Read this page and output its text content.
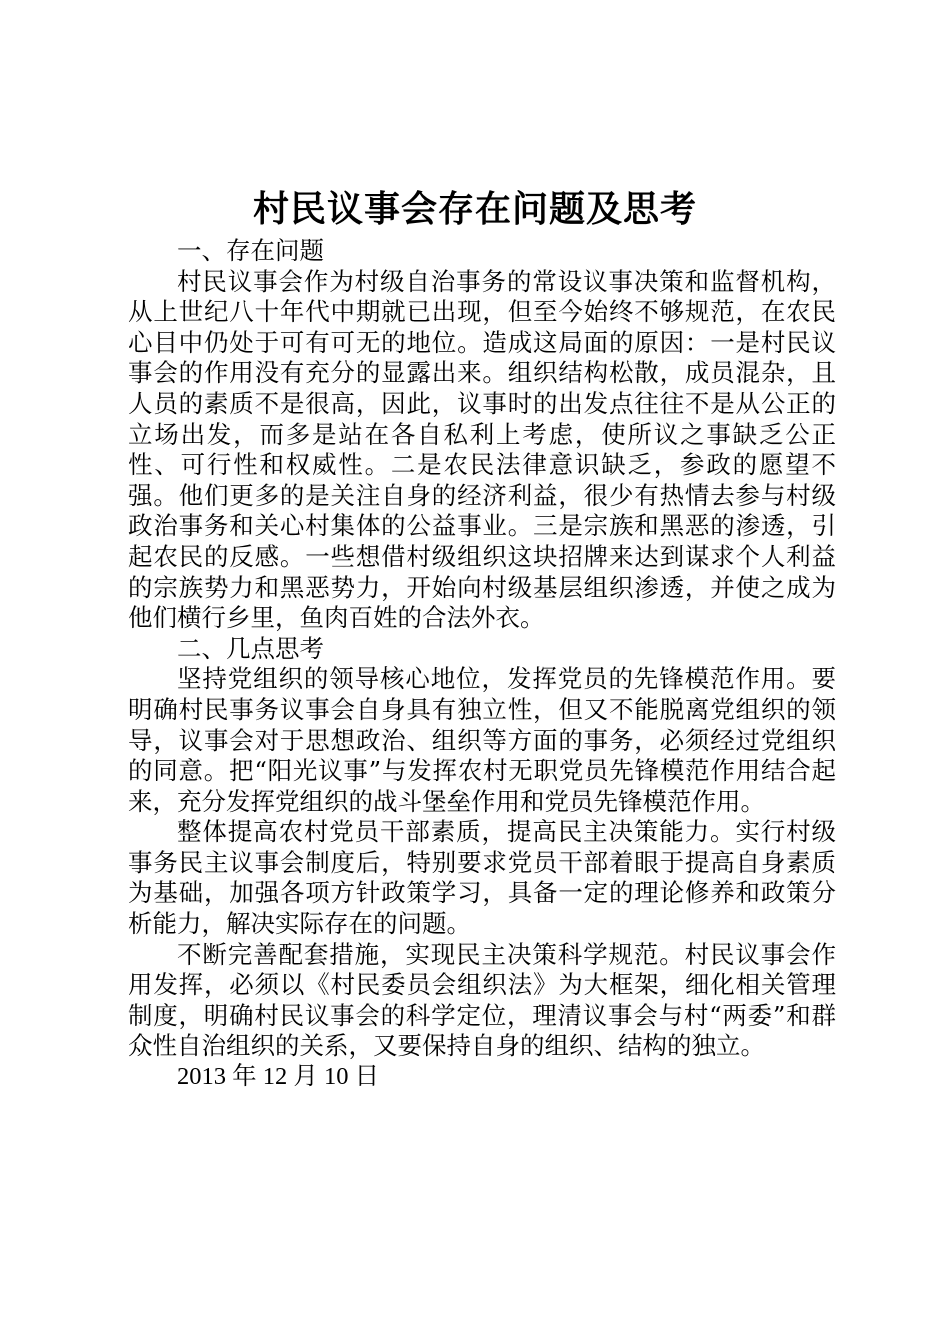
村民议事会存在问题及思考

一、存在问题

村民议事会作为村级自治事务的常设议事决策和监督机构，从上世纪八十年代中期就已出现，但至今始终不够规范，在农民心目中仍处于可有可无的地位。造成这局面的原因：一是村民议事会的作用没有充分的显露出来。组织结构松散，成员混杂，且人员的素质不是很高，因此，议事时的出发点往往不是从公正的立场出发，而多是站在各自私利上考虑，使所议之事缺乏公正性、可行性和权威性。二是农民法律意识缺乏，参政的愿望不强。他们更多的是关注自身的经济利益，很少有热情去参与村级政治事务和关心村集体的公益事业。三是宗族和黑恶的渗透，引起农民的反感。一些想借村级组织这块招牌来达到谋求个人利益的宗族势力和黑恶势力，开始向村级基层组织渗透，并使之成为他们横行乡里，鱼肉百姓的合法外衣。

二、几点思考

坚持党组织的领导核心地位，发挥党员的先锋模范作用。要明确村民事务议事会自身具有独立性，但又不能脱离党组织的领导，议事会对于思想政治、组织等方面的事务，必须经过党组织的同意。把“阳光议事”与发挥农村无职党员先锋模范作用结合起来，充分发挥党组织的战斗堡垒作用和党员先锋模范作用。

整体提高农村党员干部素质，提高民主决策能力。实行村级事务民主议事会制度后，特别要求党员干部着眼于提高自身素质为基础，加强各项方针政策学习，具备一定的理论修养和政策分析能力，解决实际存在的问题。

不断完善配套措施，实现民主决策科学规范。村民议事会作用发挥，必须以《村民委员会组织法》为大框架，细化相关管理制度，明确村民议事会的科学定位，理清议事会与村“两委”和群众性自治组织的关系，又要保持自身的组织、结构的独立。

2013 年 12 月 10 日
